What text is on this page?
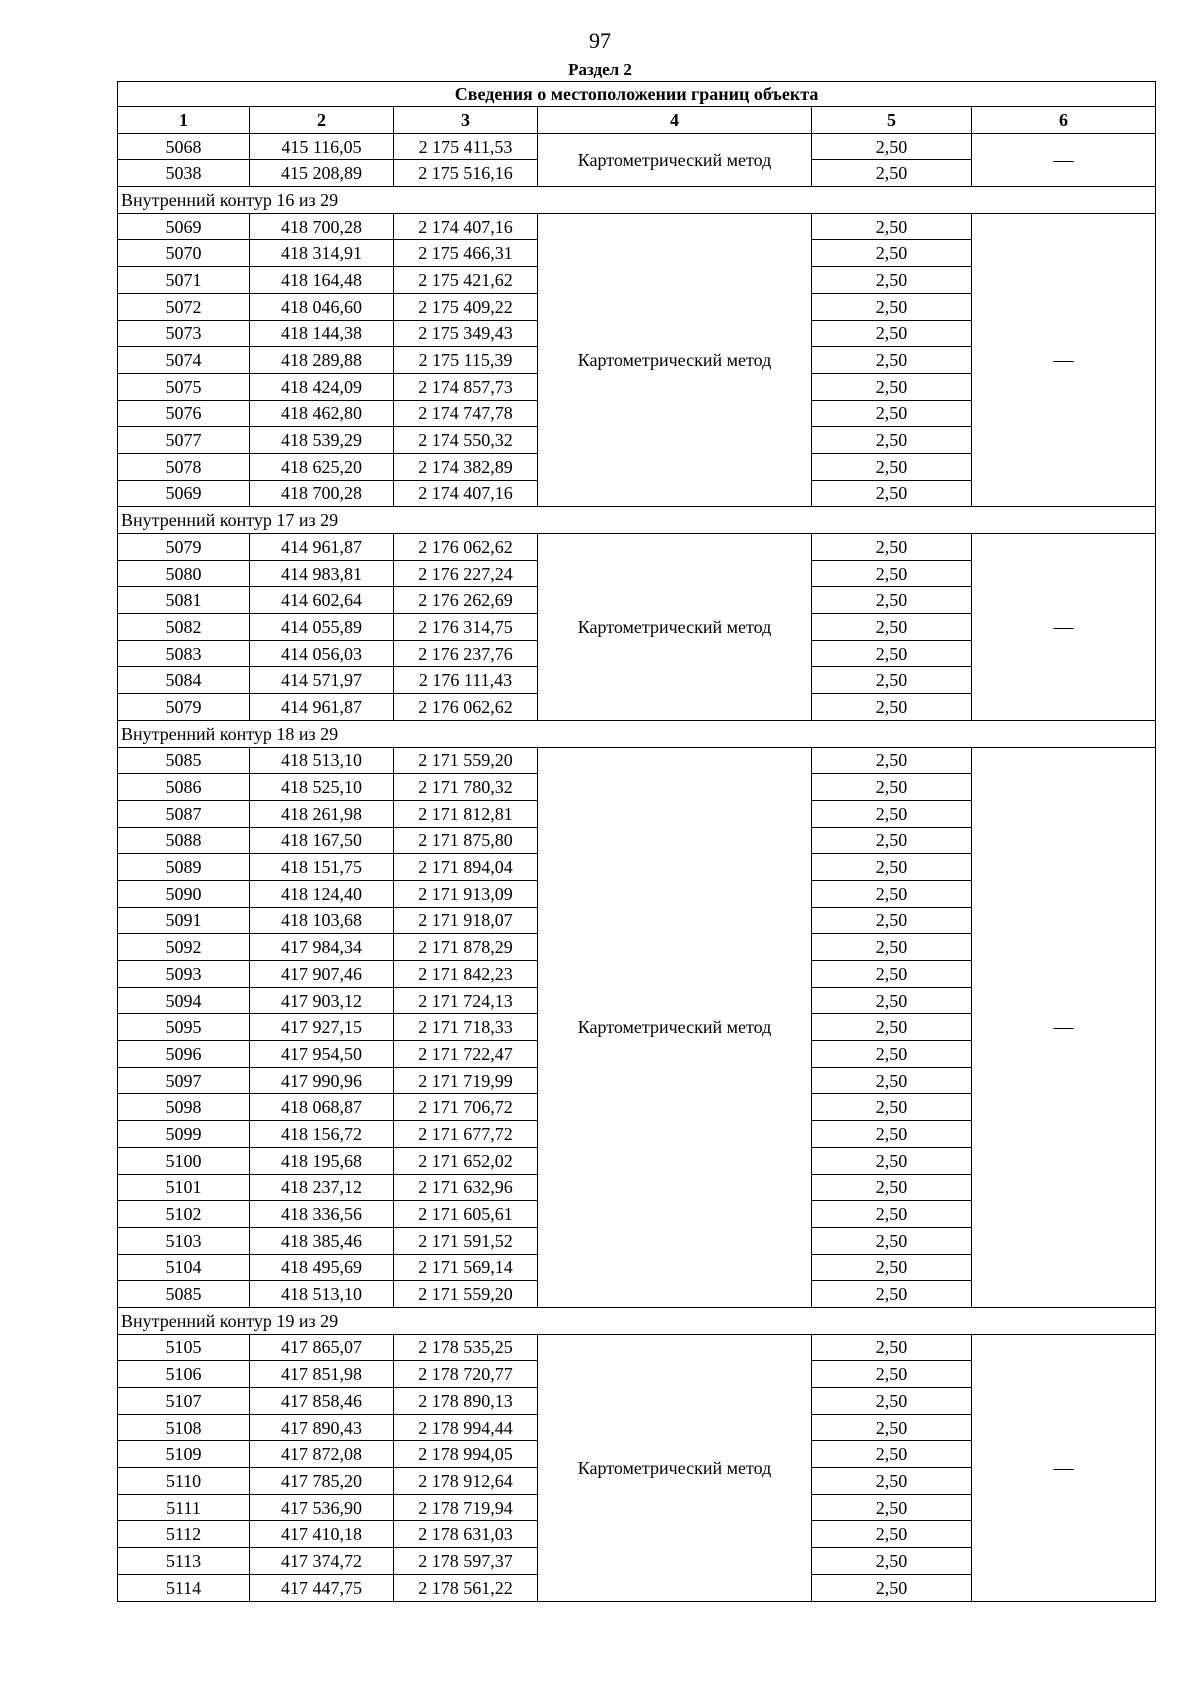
97
Раздел 2
Сведения о местоположении границ объекта					
1	2	3	4	5	6
5068	415 116,05	2 175 411,53	Картометрический метод	2,50	—
5038	415 208,89	2 175 516,16		2,50	
Внутренний контур 16 из 29					
5069	418 700,28	2 174 407,16	Картометрический метод	2,50	—
5070	418 314,91	2 175 466,31		2,50	
5071	418 164,48	2 175 421,62		2,50	
5072	418 046,60	2 175 409,22		2,50	
5073	418 144,38	2 175 349,43		2,50	
5074	418 289,88	2 175 115,39		2,50	
5075	418 424,09	2 174 857,73		2,50	
5076	418 462,80	2 174 747,78		2,50	
5077	418 539,29	2 174 550,32		2,50	
5078	418 625,20	2 174 382,89		2,50	
5069	418 700,28	2 174 407,16		2,50	
Внутренний контур 17 из 29					
5079	414 961,87	2 176 062,62	Картометрический метод	2,50	—
5080	414 983,81	2 176 227,24		2,50	
5081	414 602,64	2 176 262,69		2,50	
5082	414 055,89	2 176 314,75		2,50	
5083	414 056,03	2 176 237,76		2,50	
5084	414 571,97	2 176 111,43		2,50	
5079	414 961,87	2 176 062,62		2,50	
Внутренний контур 18 из 29					
5085	418 513,10	2 171 559,20	Картометрический метод	2,50	—
5086	418 525,10	2 171 780,32		2,50	
5087	418 261,98	2 171 812,81		2,50	
5088	418 167,50	2 171 875,80		2,50	
5089	418 151,75	2 171 894,04		2,50	
5090	418 124,40	2 171 913,09		2,50	
5091	418 103,68	2 171 918,07		2,50	
5092	417 984,34	2 171 878,29		2,50	
5093	417 907,46	2 171 842,23		2,50	
5094	417 903,12	2 171 724,13		2,50	
5095	417 927,15	2 171 718,33		2,50	
5096	417 954,50	2 171 722,47		2,50	
5097	417 990,96	2 171 719,99		2,50	
5098	418 068,87	2 171 706,72		2,50	
5099	418 156,72	2 171 677,72		2,50	
5100	418 195,68	2 171 652,02		2,50	
5101	418 237,12	2 171 632,96		2,50	
5102	418 336,56	2 171 605,61		2,50	
5103	418 385,46	2 171 591,52		2,50	
5104	418 495,69	2 171 569,14		2,50	
5085	418 513,10	2 171 559,20		2,50	
Внутренний контур 19 из 29					
5105	417 865,07	2 178 535,25	Картометрический метод	2,50	—
5106	417 851,98	2 178 720,77		2,50	
5107	417 858,46	2 178 890,13		2,50	
5108	417 890,43	2 178 994,44		2,50	
5109	417 872,08	2 178 994,05		2,50	
5110	417 785,20	2 178 912,64		2,50	
5111	417 536,90	2 178 719,94		2,50	
5112	417 410,18	2 178 631,03		2,50	
5113	417 374,72	2 178 597,37		2,50	
5114	417 447,75	2 178 561,22		2,50	
